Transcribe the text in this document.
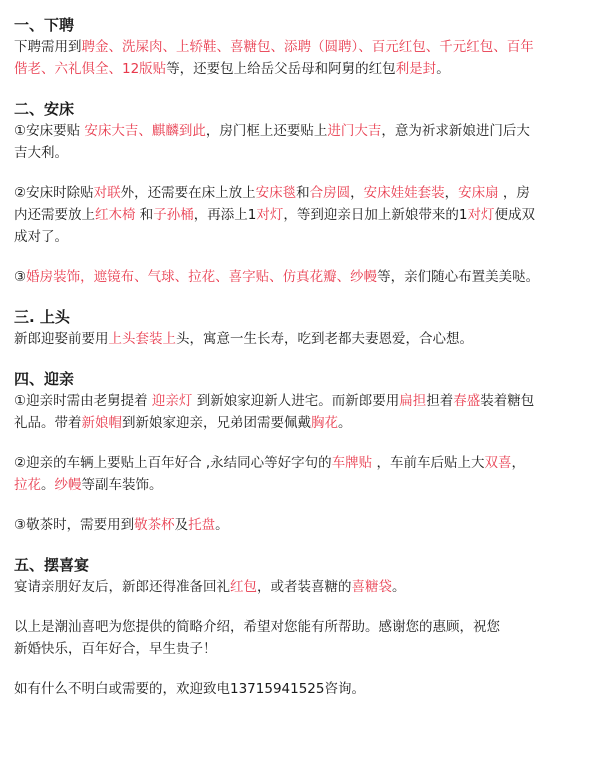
一、下聘
下聘需用到聘金、洗屎肉、上轿鞋、喜糖包、添聘（圆聘）、百元红包、千元红包、百年
偕老、六礼俱全、12版贴等，还要包上给岳父岳母和阿舅的红包利是封。
二、安床
①安床要贴 安床大吉、麒麟到此，房门框上还要贴上进门大吉，意为祈求新娘进门后大
吉大利。
②安床时除贴对联外，还需要在床上放上安床毯和合房圆，安床娃娃套装，安床扇 ，房
内还需要放上红木椅 和子孙桶，再添上1对灯，等到迎亲日加上新娘带来的1对灯便成双
成对了。
③婚房装饰，遮镜布、气球、拉花、喜字贴、仿真花瓣、纱幔等，亲们随心布置美美哒。
三. 上头
新郎迎娶前要用上头套装上头，寓意一生长寿，吃到老都夫妻恩爱，合心想。
四、迎亲
①迎亲时需由老舅提着 迎亲灯 到新娘家迎新人进宅。而新郎要用扁担担着春盛装着糖包
礼品。带着新娘帽到新娘家迎亲，兄弟团需要佩戴胸花。
②迎亲的车辆上要贴上百年好合 ,永结同心等好字句的车牌贴 ，车前车后贴上大双喜，
拉花。纱幔等副车装饰。
③敬茶时，需要用到敬茶杯及托盘。
五、摆喜宴
宴请亲朋好友后，新郎还得准备回礼红包，或者装喜糖的喜糖袋。
以上是潮汕喜吧为您提供的简略介绍，希望对您能有所帮助。感谢您的惠顾，祝您
新婚快乐，百年好合，早生贵子！
如有什么不明白或需要的，欢迎致电13715941525咨询。
